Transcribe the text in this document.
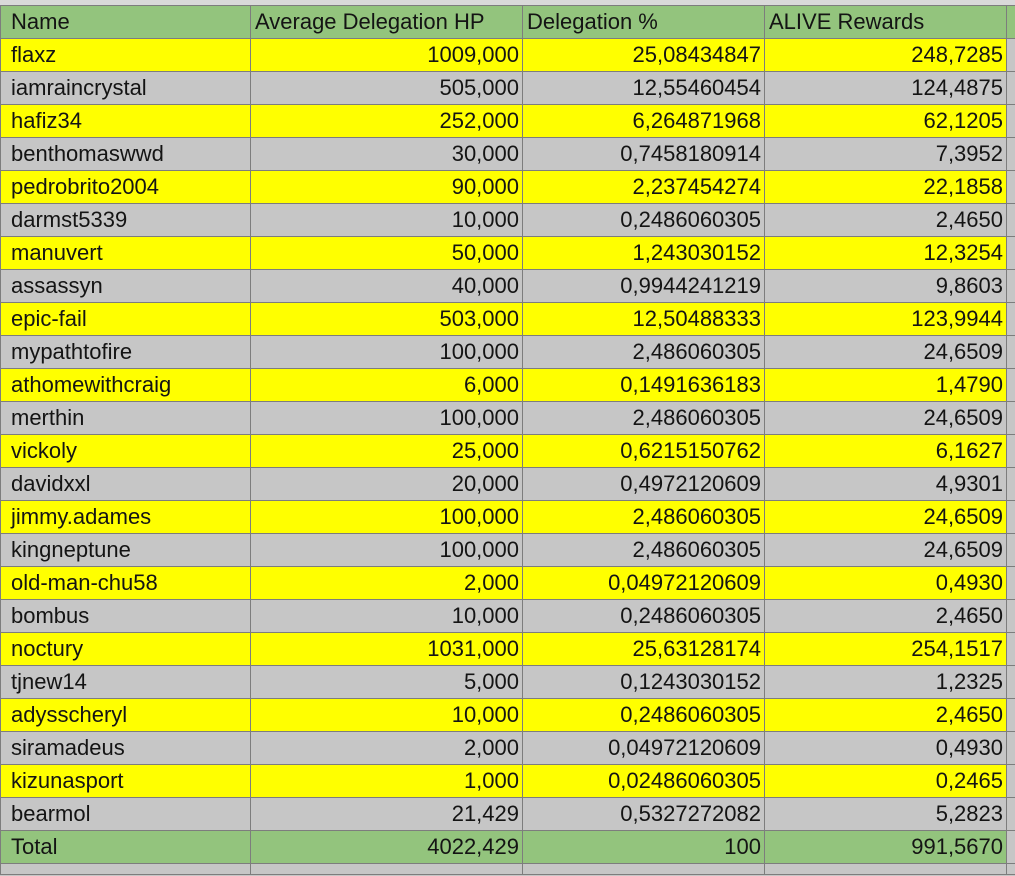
Name	Average Delegation HP	Delegation %	ALIVE Rewards	
flaxz	1009,000	25,08434847	248,7285	
iamraincrystal	505,000	12,55460454	124,4875	
hafiz34	252,000	6,264871968	62,1205	
benthomaswwd	30,000	0,7458180914	7,3952	
pedrobrito2004	90,000	2,237454274	22,1858	
darmst5339	10,000	0,2486060305	2,4650	
manuvert	50,000	1,243030152	12,3254	
assassyn	40,000	0,9944241219	9,8603	
epic-fail	503,000	12,50488333	123,9944	
mypathtofire	100,000	2,486060305	24,6509	
athomewithcraig	6,000	0,1491636183	1,4790	
merthin	100,000	2,486060305	24,6509	
vickoly	25,000	0,6215150762	6,1627	
davidxxl	20,000	0,4972120609	4,9301	
jimmy.adames	100,000	2,486060305	24,6509	
kingneptune	100,000	2,486060305	24,6509	
old-man-chu58	2,000	0,04972120609	0,4930	
bombus	10,000	0,2486060305	2,4650	
noctury	1031,000	25,63128174	254,1517	
tjnew14	5,000	0,1243030152	1,2325	
adysscheryl	10,000	0,2486060305	2,4650	
siramadeus	2,000	0,04972120609	0,4930	
kizunasport	1,000	0,02486060305	0,2465	
bearmol	21,429	0,5327272082	5,2823	
Total	4022,429	100	991,5670	
